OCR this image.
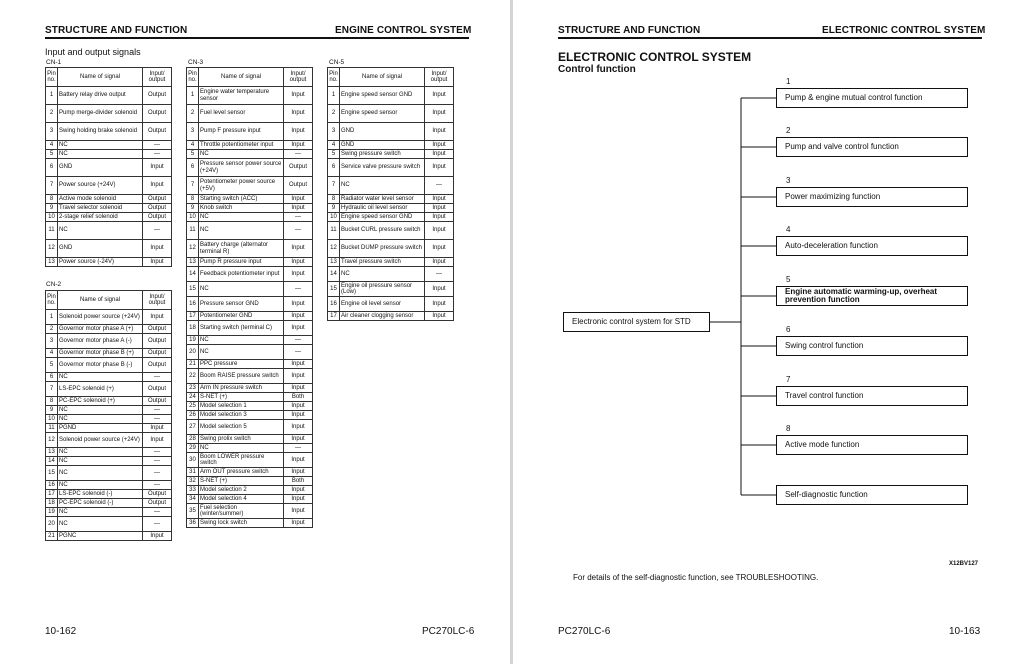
STRUCTURE AND FUNCTION	ENGINE CONTROL SYSTEM
Input and output signals
CN-1
Pin no.	Name of signal	Input/ output
1	Battery relay drive output	Output
2	Pump merge-divider solenoid	Output
3	Swing holding brake solenoid	Output
4	NC	—
5	NC	—
6	GND	Input
7	Power source (+24V)	Input
8	Active mode solenoid	Output
9	Travel selector solenoid	Output
10	2-stage relief solenoid	Output
11	NC	—
12	GND	Input
13	Power source (-24V)	Input
CN-2
Pin no.	Name of signal	Input/ output
1	Solenoid power source (+24V)	Input
2	Governor motor phase A (+)	Output
3	Governor motor phase A (-)	Output
4	Governor motor phase B (+)	Output
5	Governor motor phase B (-)	Output
6	NC	—
7	LS-EPC solenoid (+)	Output
8	PC-EPC solenoid (+)	Output
9	NC	—
10	NC	—
11	PGND	Input
12	Solenoid power source (+24V)	Input
13	NC	—
14	NC	—
15	NC	—
16	NC	—
17	LS-EPC solenoid (-)	Output
18	PC-EPC solenoid (-)	Output
19	NC	—
20	NC	—
21	PGNC	Input
CN-3
Pin no.	Name of signal	Input/ output
1	Engine water temperature sensor	Input
2	Fuel level sensor	Input
3	Pump F pressure input	Input
4	Throttle potentiometer input	Input
5	NC	—
6	Pressure sensor power source (+24V)	Output
7	Potentiometer power source (+5V)	Output
8	Starting switch (ACC)	Input
9	Knob switch	Input
10	NC	—
11	NC	—
12	Battery charge (alternator terminal R)	Input
13	Pump R pressure input	Input
14	Feedback potentiometer input	Input
15	NC	—
16	Pressure sensor GND	Input
17	Potentiometer GND	Input
18	Starting switch (terminal C)	Input
19	NC	—
20	NC	—
21	PPC pressure	Input
22	Boom RAISE pressure switch	Input
23	Arm IN pressure switch	Input
24	S-NET (+)	Both
25	Model selection 1	Input
26	Model selection 3	Input
27	Model selection 5	Input
28	Swing prolix switch	Input
29	NC	—
30	Boom LOWER pressure switch	Input
31	Arm OUT pressure switch	Input
32	S-NET (+)	Both
33	Model selection 2	Input
34	Model selection 4	Input
35	Fuel selection (winter/summer)	Input
36	Swing lock switch	Input
CN-5
Pin no.	Name of signal	Input/ output
1	Engine speed sensor GND	Input
2	Engine speed sensor	Input
3	GND	Input
4	GND	Input
5	Swing pressure switch	Input
6	Service valve pressure switch	Input
7	NC	—
8	Radiator water level sensor	Input
9	Hydraulic oil level sensor	Input
10	Engine speed sensor GND	Input
11	Bucket CURL pressure switch	Input
12	Bucket DUMP pressure switch	Input
13	Travel pressure switch	Input
14	NC	—
15	Engine oil pressure sensor (Low)	Input
16	Engine oil level sensor	Input
17	Air cleaner clogging sensor	Input
10-162	PC270LC-6
STRUCTURE AND FUNCTION	ELECTRONIC CONTROL SYSTEM
ELECTRONIC CONTROL SYSTEM
Control function
Electronic control system for STD
1
Pump & engine mutual control function
2
Pump and valve control function
3
Power maximizing function
4
Auto-deceleration function
5
Engine automatic warming-up, overheat prevention function
6
Swing control function
7
Travel control function
8
Active mode function
Self-diagnostic function
For details of the self-diagnostic function, see TROUBLESHOOTING.
X12BV127
PC270LC-6	10-163
